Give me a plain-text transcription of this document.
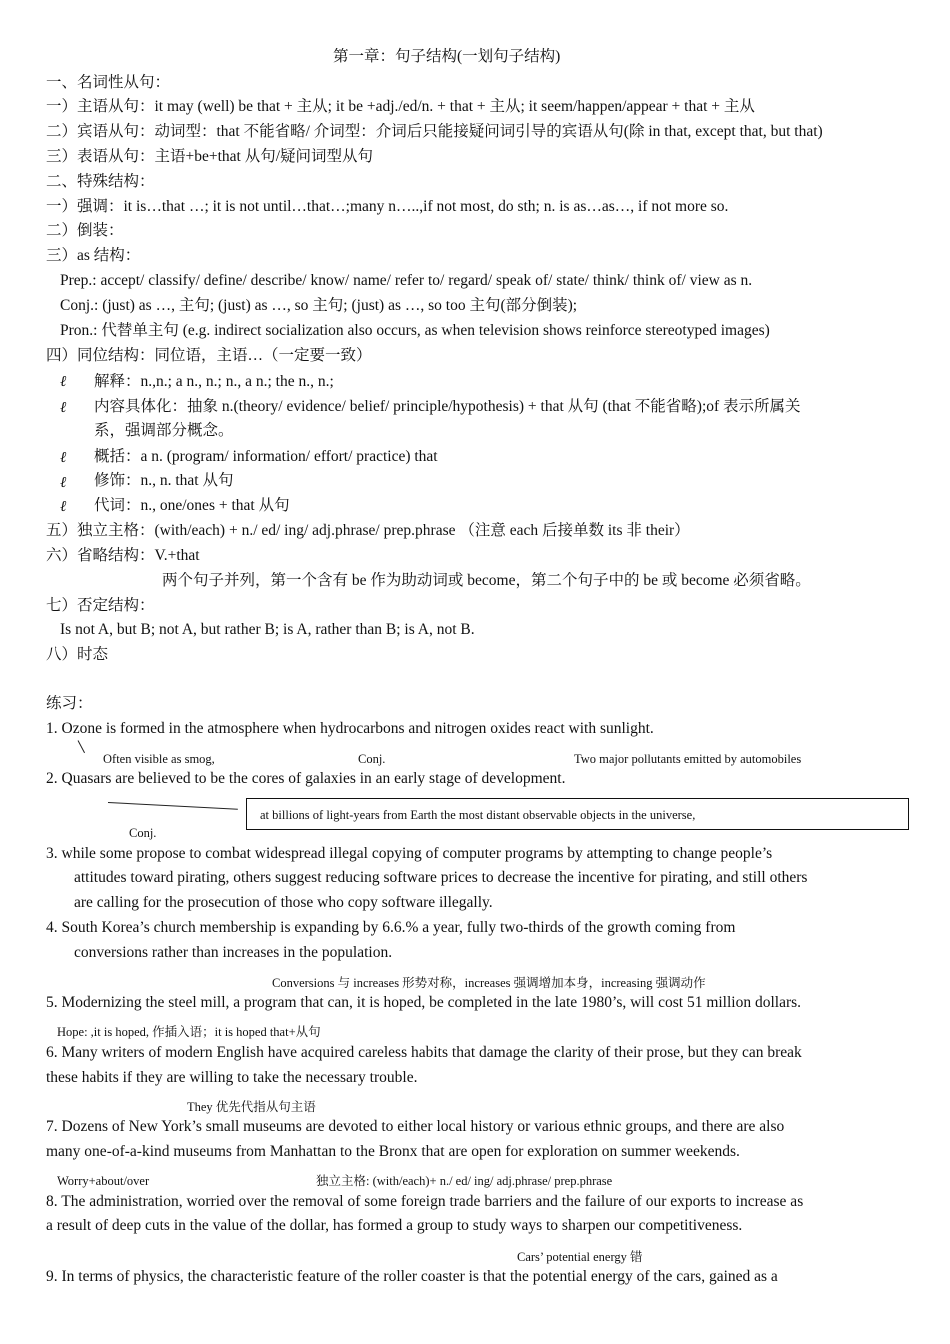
第一章：句子结构(一划句子结构)
一、名词性从句：
一）主语从句：it may (well) be that + 主从; it be +adj./ed/n. + that + 主从; it seem/happen/appear + that + 主从
二）宾语从句：动词型：that 不能省略/ 介词型：介词后只能接疑问词引导的宾语从句(除 in that, except that, but that)
三）表语从句：主语+be+that 从句/疑问词型从句
二、特殊结构：
一）强调：it is…that …; it is not until…that…;many n…..,if not most, do sth; n. is as…as…, if not more so.
二）倒装：
三）as 结构：
Prep.: accept/ classify/ define/ describe/ know/ name/ refer to/ regard/ speak of/ state/ think/ think of/ view as n.
Conj.: (just) as …, 主句; (just) as …, so 主句; (just) as …, so too 主句(部分倒装);
Pron.: 代替单主句 (e.g. indirect socialization also occurs, as when television shows reinforce stereotyped images)
四）同位结构：同位语，主语…（一定要一致）
ℓ 解释：n.,n.; a n., n.; n., a n.; the n., n.;
ℓ 内容具体化：抽象 n.(theory/ evidence/ belief/ principle/hypothesis) + that 从句 (that 不能省略);of 表示所属关
系，强调部分概念。
ℓ 概括：a n. (program/ information/ effort/ practice) that
ℓ 修饰：n., n. that 从句
ℓ 代词：n., one/ones + that 从句
五）独立主格：(with/each) + n./ ed/ ing/ adj.phrase/ prep.phrase （注意 each 后接单数 its 非 their）
六）省略结构：V.+that
两个句子并列，第一个含有 be 作为助动词或 become，第二个句子中的 be 或 become 必须省略。
七）否定结构：
Is not A, but B; not A, but rather B; is A, rather than B; is A, not B.
八）时态
练习：
1. Ozone is formed in the atmosphere when hydrocarbons and nitrogen oxides react with sunlight.
Often visible as smog,	Conj.	Two major pollutants emitted by automobiles
2. Quasars are believed to be the cores of galaxies in an early stage of development.
at billions of light-years from Earth the most distant observable objects in the universe,
Conj.
3. while some propose to combat widespread illegal copying of computer programs by attempting to change people’s
attitudes toward pirating, others suggest reducing software prices to decrease the incentive for pirating, and still others
are calling for the prosecution of those who copy software illegally.
4. South Korea’s church membership is expanding by 6.6.% a year, fully two-thirds of the growth coming from
conversions rather than increases in the population.
Conversions 与 increases 形势对称，increases 强调增加本身，increasing 强调动作
5. Modernizing the steel mill, a program that can, it is hoped, be completed in the late 1980’s, will cost 51 million dollars.
Hope: ,it is hoped, 作插入语；it is hoped that+从句
6. Many writers of modern English have acquired careless habits that damage the clarity of their prose, but they can break
these habits if they are willing to take the necessary trouble.
They 优先代指从句主语
7. Dozens of New York’s small museums are devoted to either local history or various ethnic groups, and there are also
many one-of-a-kind museums from Manhattan to the Bronx that are open for exploration on summer weekends.
Worry+about/over	独立主格: (with/each)+ n./ ed/ ing/ adj.phrase/ prep.phrase
8. The administration, worried over the removal of some foreign trade barriers and the failure of our exports to increase as
a result of deep cuts in the value of the dollar, has formed a group to study ways to sharpen our competitiveness.
Cars’ potential energy 错
9. In terms of physics, the characteristic feature of the roller coaster is that the potential energy of the cars, gained as a
